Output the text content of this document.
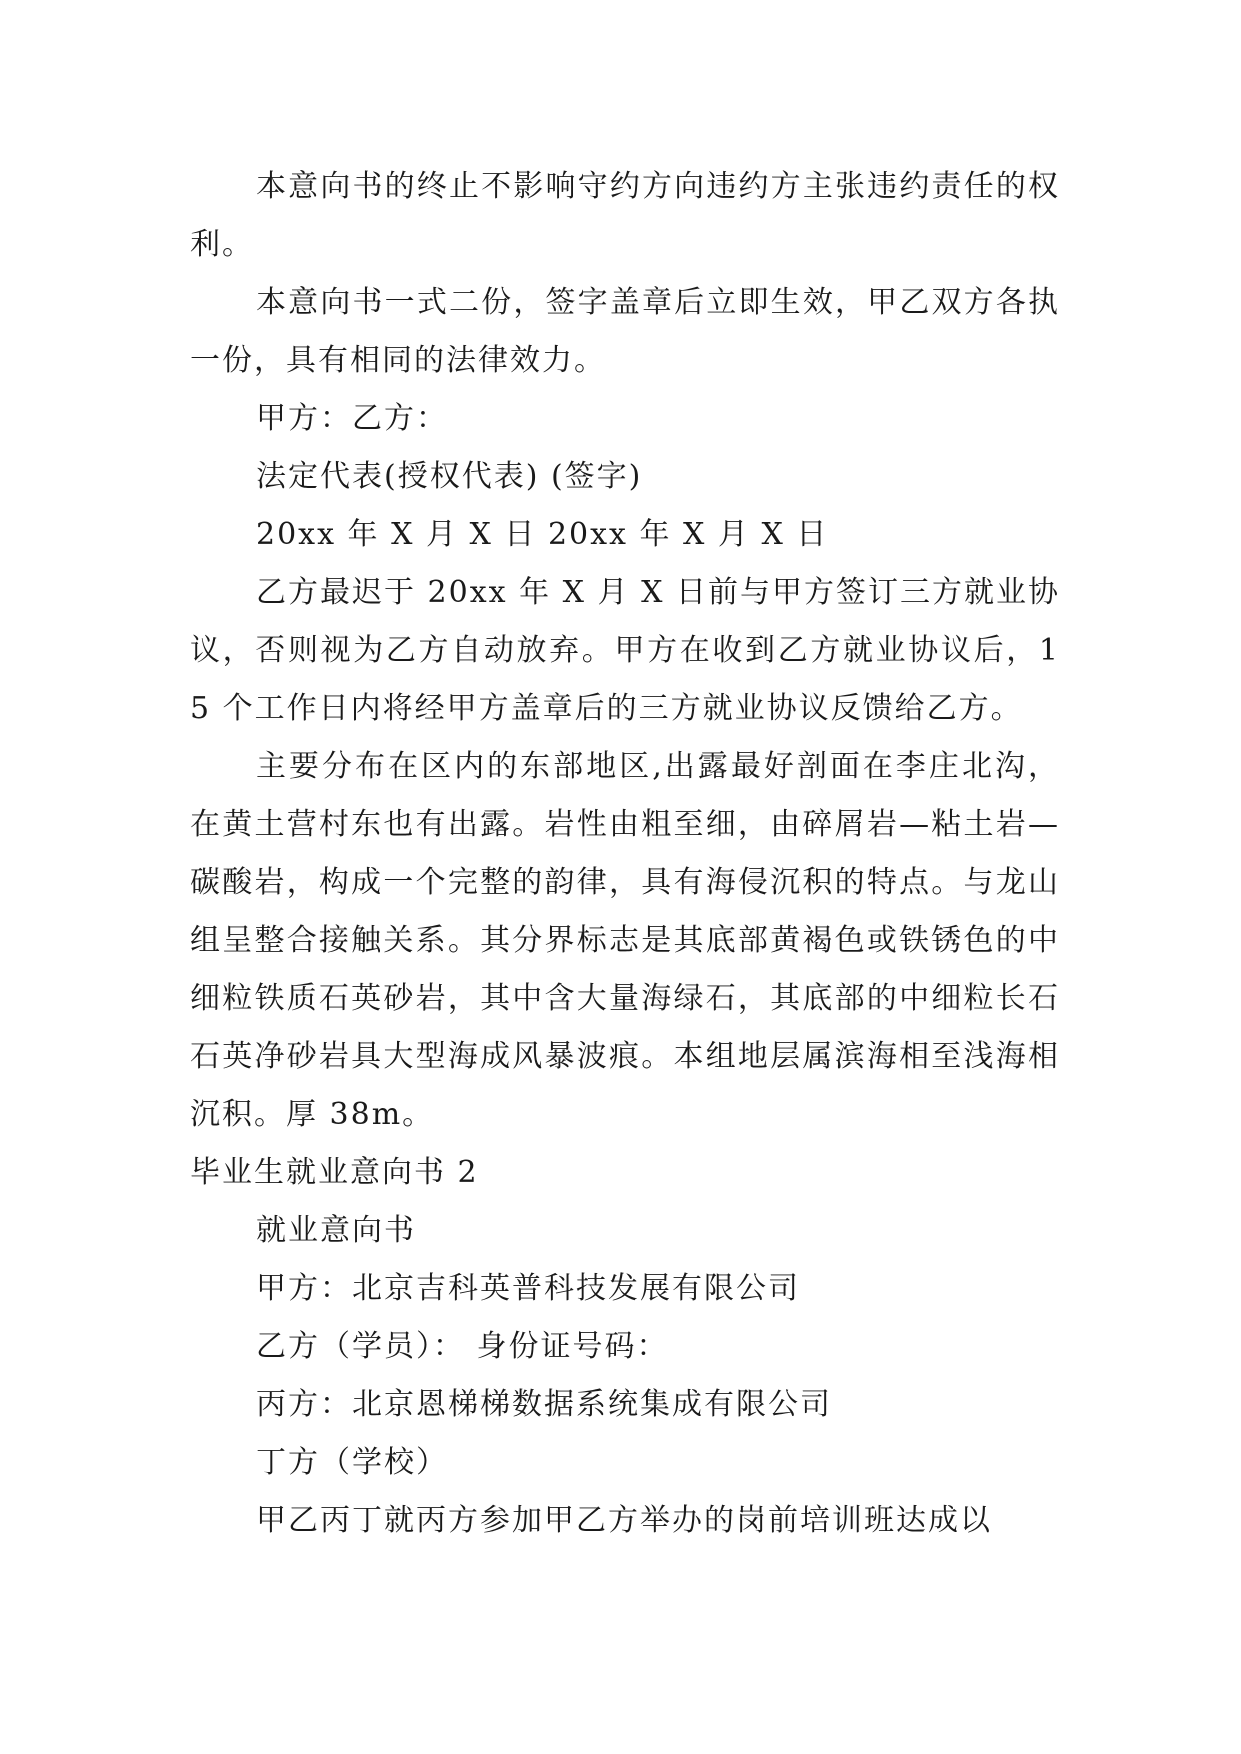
本意向书的终止不影响守约方向违约方主张违约责任的权利。

本意向书一式二份，签字盖章后立即生效，甲乙双方各执一份，具有相同的法律效力。

甲方：乙方：

法定代表(授权代表) (签字)

20xx 年 X 月 X 日 20xx 年 X 月 X 日

乙方最迟于 20xx 年 X 月 X 日前与甲方签订三方就业协议，否则视为乙方自动放弃。甲方在收到乙方就业协议后，15 个工作日内将经甲方盖章后的三方就业协议反馈给乙方。

主要分布在区内的东部地区,出露最好剖面在李庄北沟，在黄土营村东也有出露。岩性由粗至细，由碎屑岩—粘土岩—碳酸岩，构成一个完整的韵律，具有海侵沉积的特点。与龙山组呈整合接触关系。其分界标志是其底部黄褐色或铁锈色的中细粒铁质石英砂岩，其中含大量海绿石，其底部的中细粒长石石英净砂岩具大型海成风暴波痕。本组地层属滨海相至浅海相沉积。厚 38m。

毕业生就业意向书 2

就业意向书

甲方：北京吉科英普科技发展有限公司

乙方（学员）： 身份证号码：

丙方：北京恩梯梯数据系统集成有限公司

丁方（学校）

甲乙丙丁就丙方参加甲乙方举办的岗前培训班达成以
